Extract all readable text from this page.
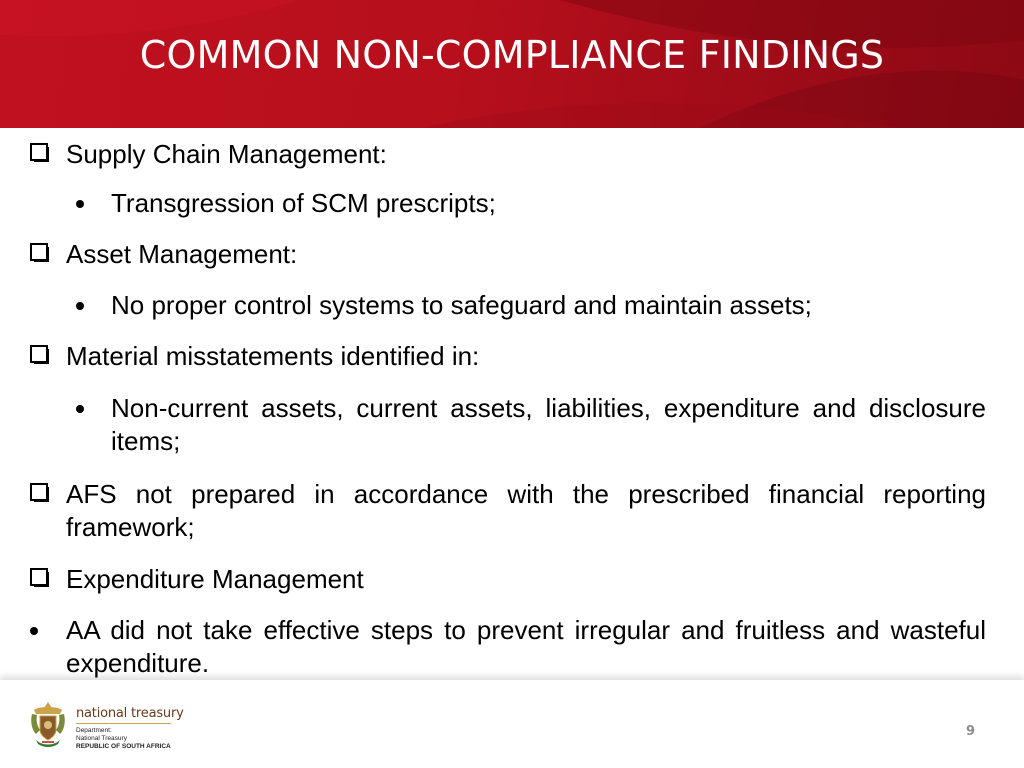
COMMON NON-COMPLIANCE FINDINGS
Supply Chain Management:
Transgression of SCM prescripts;
Asset Management:
No proper control systems to safeguard and maintain assets;
Material misstatements identified in:
Non-current assets, current assets, liabilities, expenditure and disclosure items;
AFS not prepared in accordance with the prescribed financial reporting framework;
Expenditure Management
AA did not take effective steps to prevent irregular and fruitless and wasteful expenditure.
national treasury
Department:
National Treasury
REPUBLIC OF SOUTH AFRICA
9
